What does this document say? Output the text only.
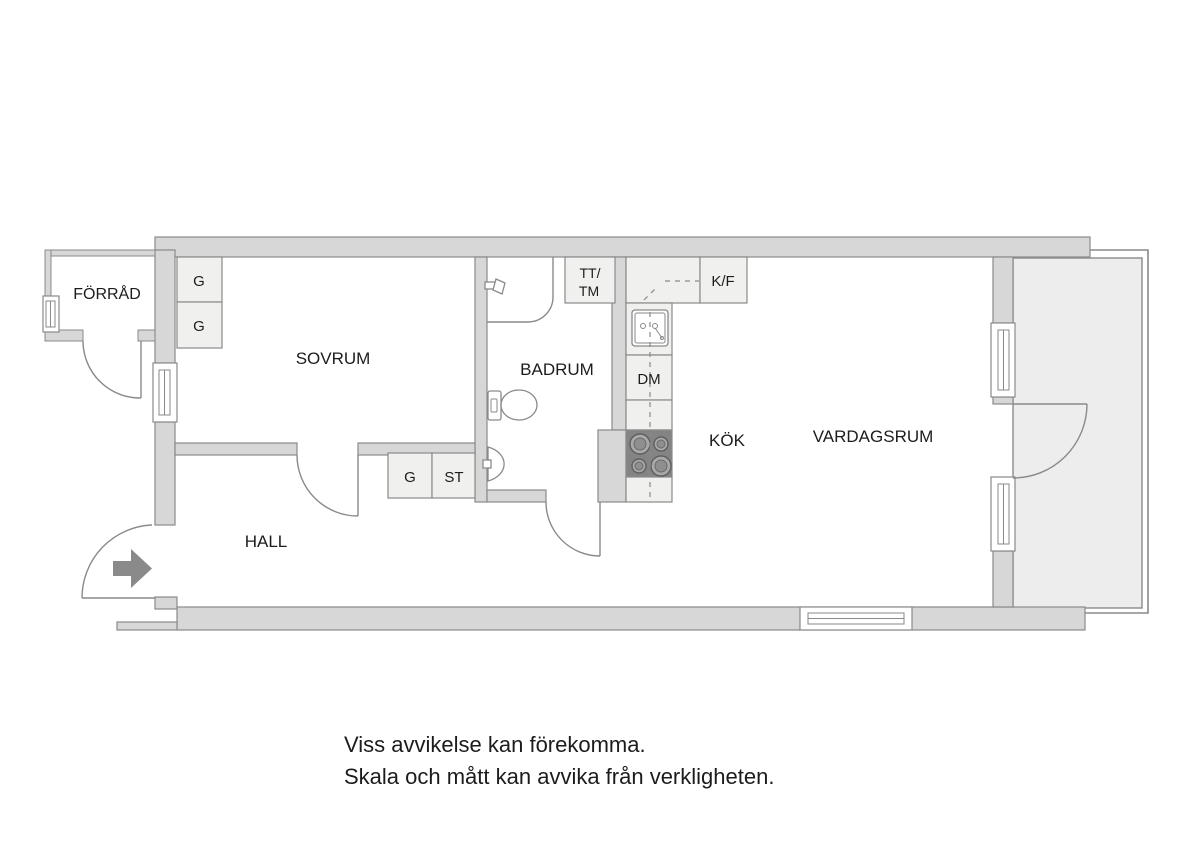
FÖRRÅD
SOVRUM
BADRUM
HALL
KÖK	VARDAGSRUM
G
G
G ST
TT/
TM
K/F
DM
Viss avvikelse kan förekomma.
Skala och mått kan avvika från verkligheten.
